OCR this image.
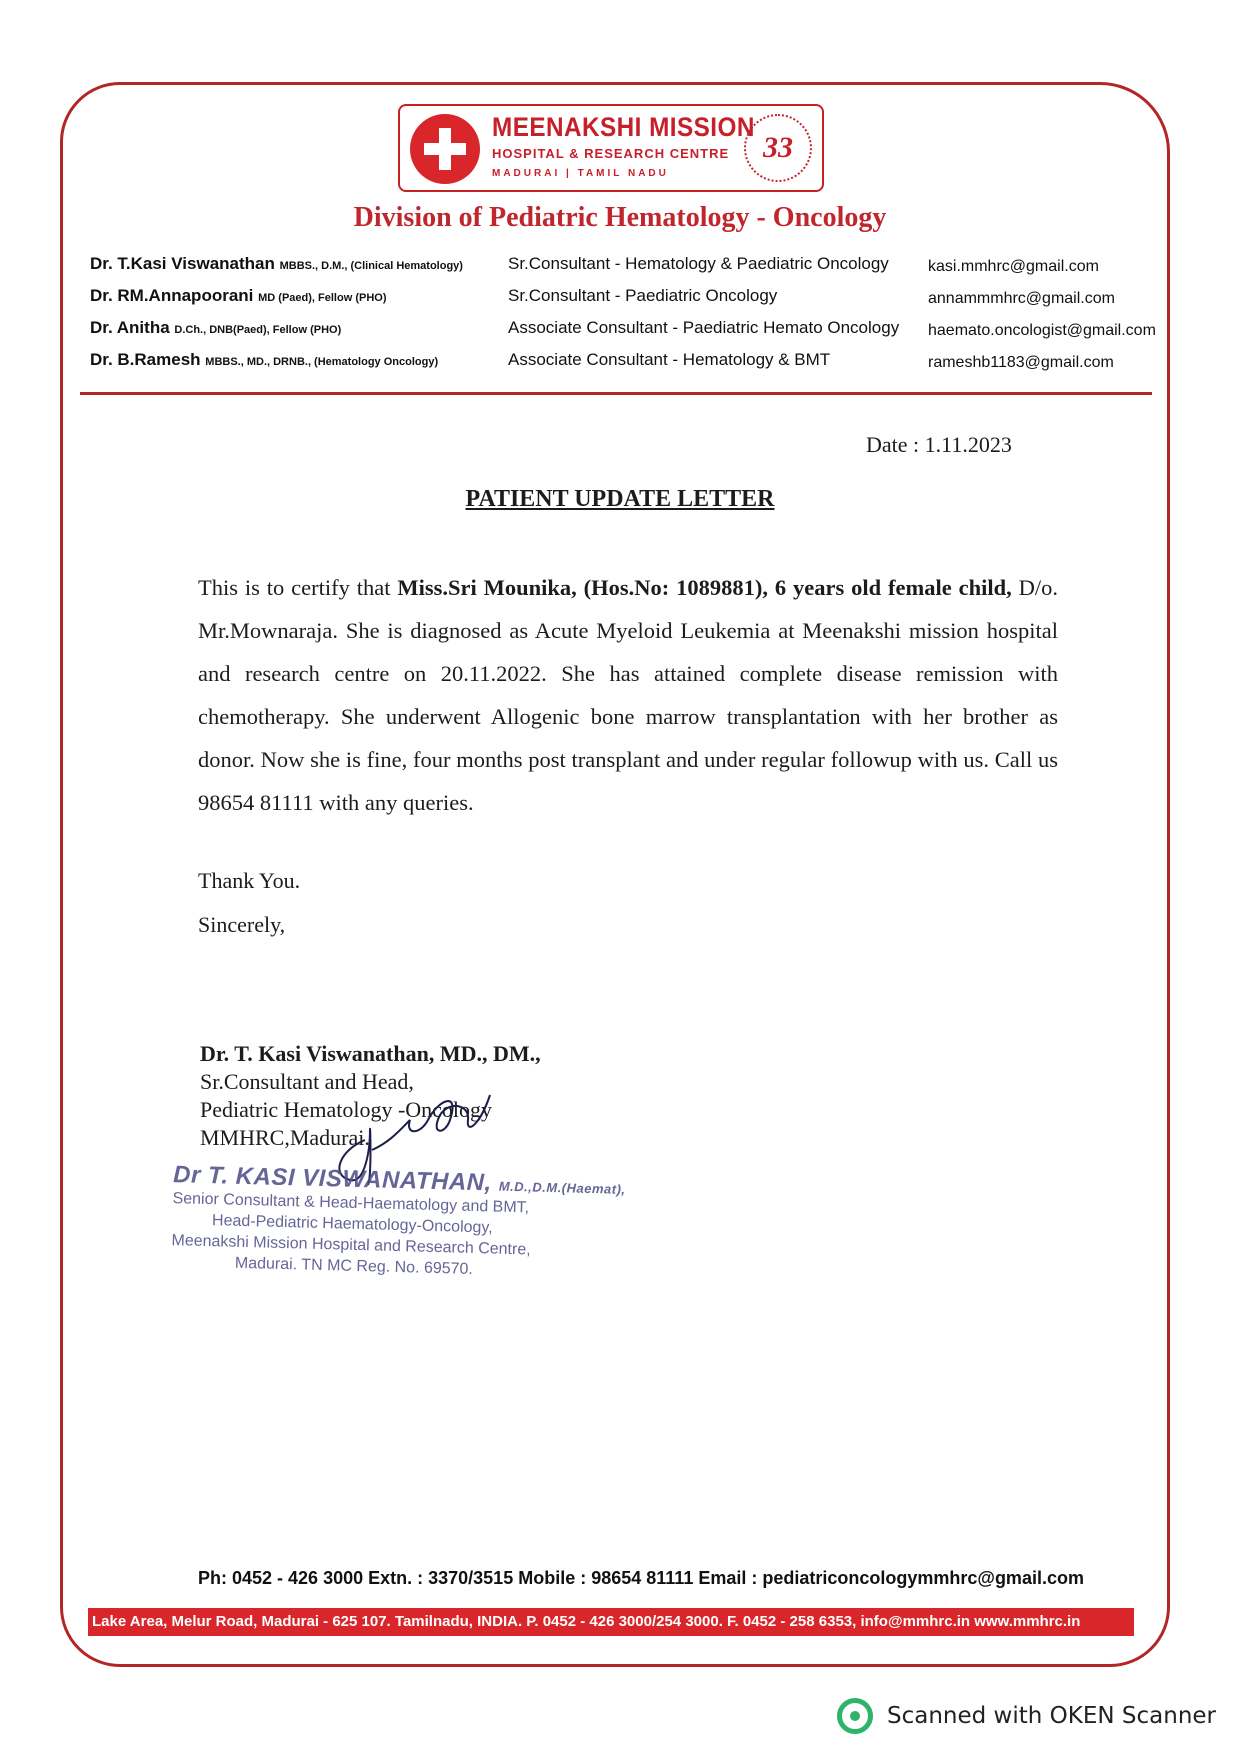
MEENAKSHI MISSION
HOSPITAL & RESEARCH CENTRE
MADURAI | TAMIL NADU
33
Division of Pediatric Hematology - Oncology
Dr. T.Kasi Viswanathan MBBS., D.M., (Clinical Hematology)	Sr.Consultant - Hematology & Paediatric Oncology kasi.mmhrc@gmail.com
Dr. RM.Annapoorani MD (Paed), Fellow (PHO)	Sr.Consultant - Paediatric Oncology	annammmhrc@gmail.com
Dr. Anitha D.Ch., DNB(Paed), Fellow (PHO)	Associate Consultant - Paediatric Hemato Oncology haemato.oncologist@gmail.com
Dr. B.Ramesh MBBS., MD., DRNB., (Hematology Oncology)	Associate Consultant - Hematology & BMT	rameshb1183@gmail.com
Date : 1.11.2023
PATIENT UPDATE LETTER
This is to certify that Miss.Sri Mounika, (Hos.No: 1089881), 6 years old female child, D/o. Mr.Mownaraja. She is diagnosed as Acute Myeloid Leukemia at Meenakshi mission hospital and research centre on 20.11.2022. She has attained complete disease remission with chemotherapy. She underwent Allogenic bone marrow transplantation with her brother as donor. Now she is fine, four months post transplant and under regular followup with us. Call us 98654 81111 with any queries.
Thank You.
Sincerely,
Dr. T. Kasi Viswanathan, MD., DM.,
Sr.Consultant and Head,
Pediatric Hematology -Oncology
MMHRC,Madurai.
Dr T. KASI VISWANATHAN, M.D.,D.M.(Haemat),
Senior Consultant & Head-Haematology and BMT,
Head-Pediatric Haematology-Oncology,
Meenakshi Mission Hospital and Research Centre,
Madurai. TN MC Reg. No. 69570.
Ph: 0452 - 426 3000 Extn. : 3370/3515 Mobile : 98654 81111 Email : pediatriconcologymmhrc@gmail.com
Lake Area, Melur Road, Madurai - 625 107. Tamilnadu, INDIA. P. 0452 - 426 3000/254 3000. F. 0452 - 258 6353, info@mmhrc.in www.mmhrc.in
Scanned with OKEN Scanner
